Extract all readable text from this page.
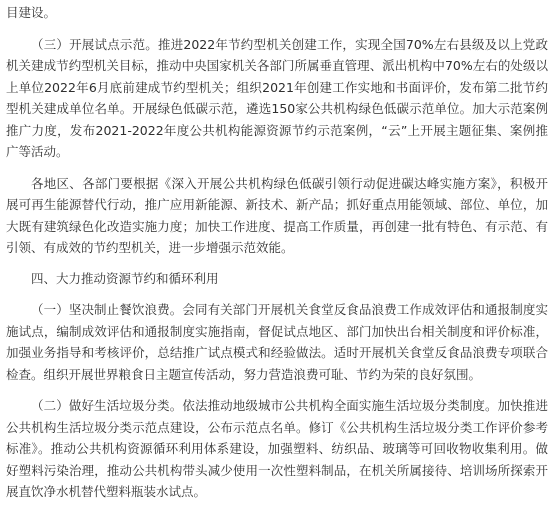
目建设。

（三）开展试点示范。推进2022年节约型机关创建工作，实现全国70%左右县级及以上党政机关建成节约型机关目标，推动中央国家机关各部门所属垂直管理、派出机构中70%左右的处级以上单位2022年6月底前建成节约型机关；组织2021年创建工作实地和书面评价，发布第二批节约型机关建成单位名单。开展绿色低碳示范，遴选150家公共机构绿色低碳示范单位。加大示范案例推广力度，发布2021-2022年度公共机构能源资源节约示范案例，“云”上开展主题征集、案例推广等活动。

各地区、各部门要根据《深入开展公共机构绿色低碳引领行动促进碳达峰实施方案》，积极开展可再生能源替代行动，推广应用新能源、新技术、新产品；抓好重点用能领域、部位、单位，加大既有建筑绿色化改造实施力度；加快工作进度、提高工作质量，再创建一批有特色、有示范、有引领、有成效的节约型机关，进一步增强示范效能。

四、大力推动资源节约和循环利用

（一）坚决制止餐饮浪费。会同有关部门开展机关食堂反食品浪费工作成效评估和通报制度实施试点，编制成效评估和通报制度实施指南，督促试点地区、部门加快出台相关制度和评价标准，加强业务指导和考核评价，总结推广试点模式和经验做法。适时开展机关食堂反食品浪费专项联合检查。组织开展世界粮食日主题宣传活动，努力营造浪费可耻、节约为荣的良好氛围。

（二）做好生活垃圾分类。依法推动地级城市公共机构全面实施生活垃圾分类制度。加快推进公共机构生活垃圾分类示范点建设，公布示范点名单。修订《公共机构生活垃圾分类工作评价参考标准》。推动公共机构资源循环利用体系建设，加强塑料、纺织品、玻璃等可回收物收集利用。做好塑料污染治理，推动公共机构带头减少使用一次性塑料制品，在机关所属接待、培训场所探索开展直饮净水机替代塑料瓶装水试点。
